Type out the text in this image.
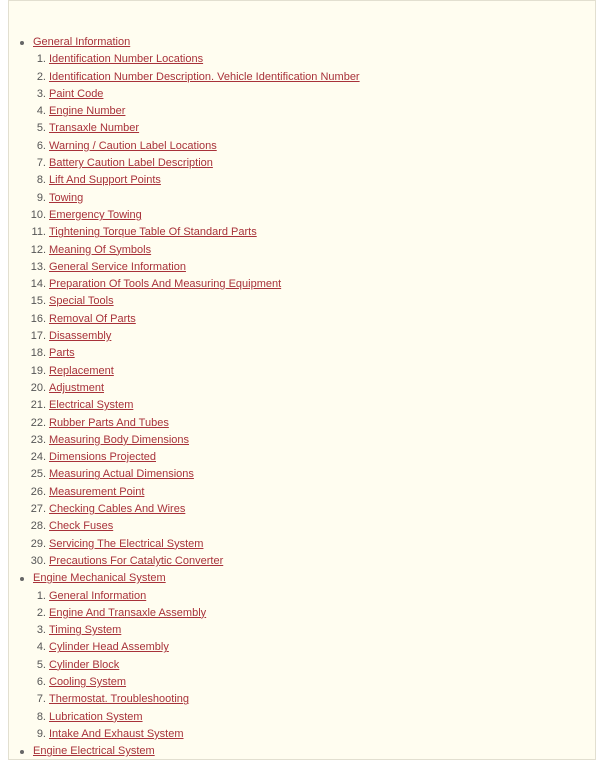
General Information
1. Identification Number Locations
2. Identification Number Description. Vehicle Identification Number
3. Paint Code
4. Engine Number
5. Transaxle Number
6. Warning / Caution Label Locations
7. Battery Caution Label Description
8. Lift And Support Points
9. Towing
10. Emergency Towing
11. Tightening Torque Table Of Standard Parts
12. Meaning Of Symbols
13. General Service Information
14. Preparation Of Tools And Measuring Equipment
15. Special Tools
16. Removal Of Parts
17. Disassembly
18. Parts
19. Replacement
20. Adjustment
21. Electrical System
22. Rubber Parts And Tubes
23. Measuring Body Dimensions
24. Dimensions Projected
25. Measuring Actual Dimensions
26. Measurement Point
27. Checking Cables And Wires
28. Check Fuses
29. Servicing The Electrical System
30. Precautions For Catalytic Converter
Engine Mechanical System
1. General Information
2. Engine And Transaxle Assembly
3. Timing System
4. Cylinder Head Assembly
5. Cylinder Block
6. Cooling System
7. Thermostat. Troubleshooting
8. Lubrication System
9. Intake And Exhaust System
Engine Electrical System
